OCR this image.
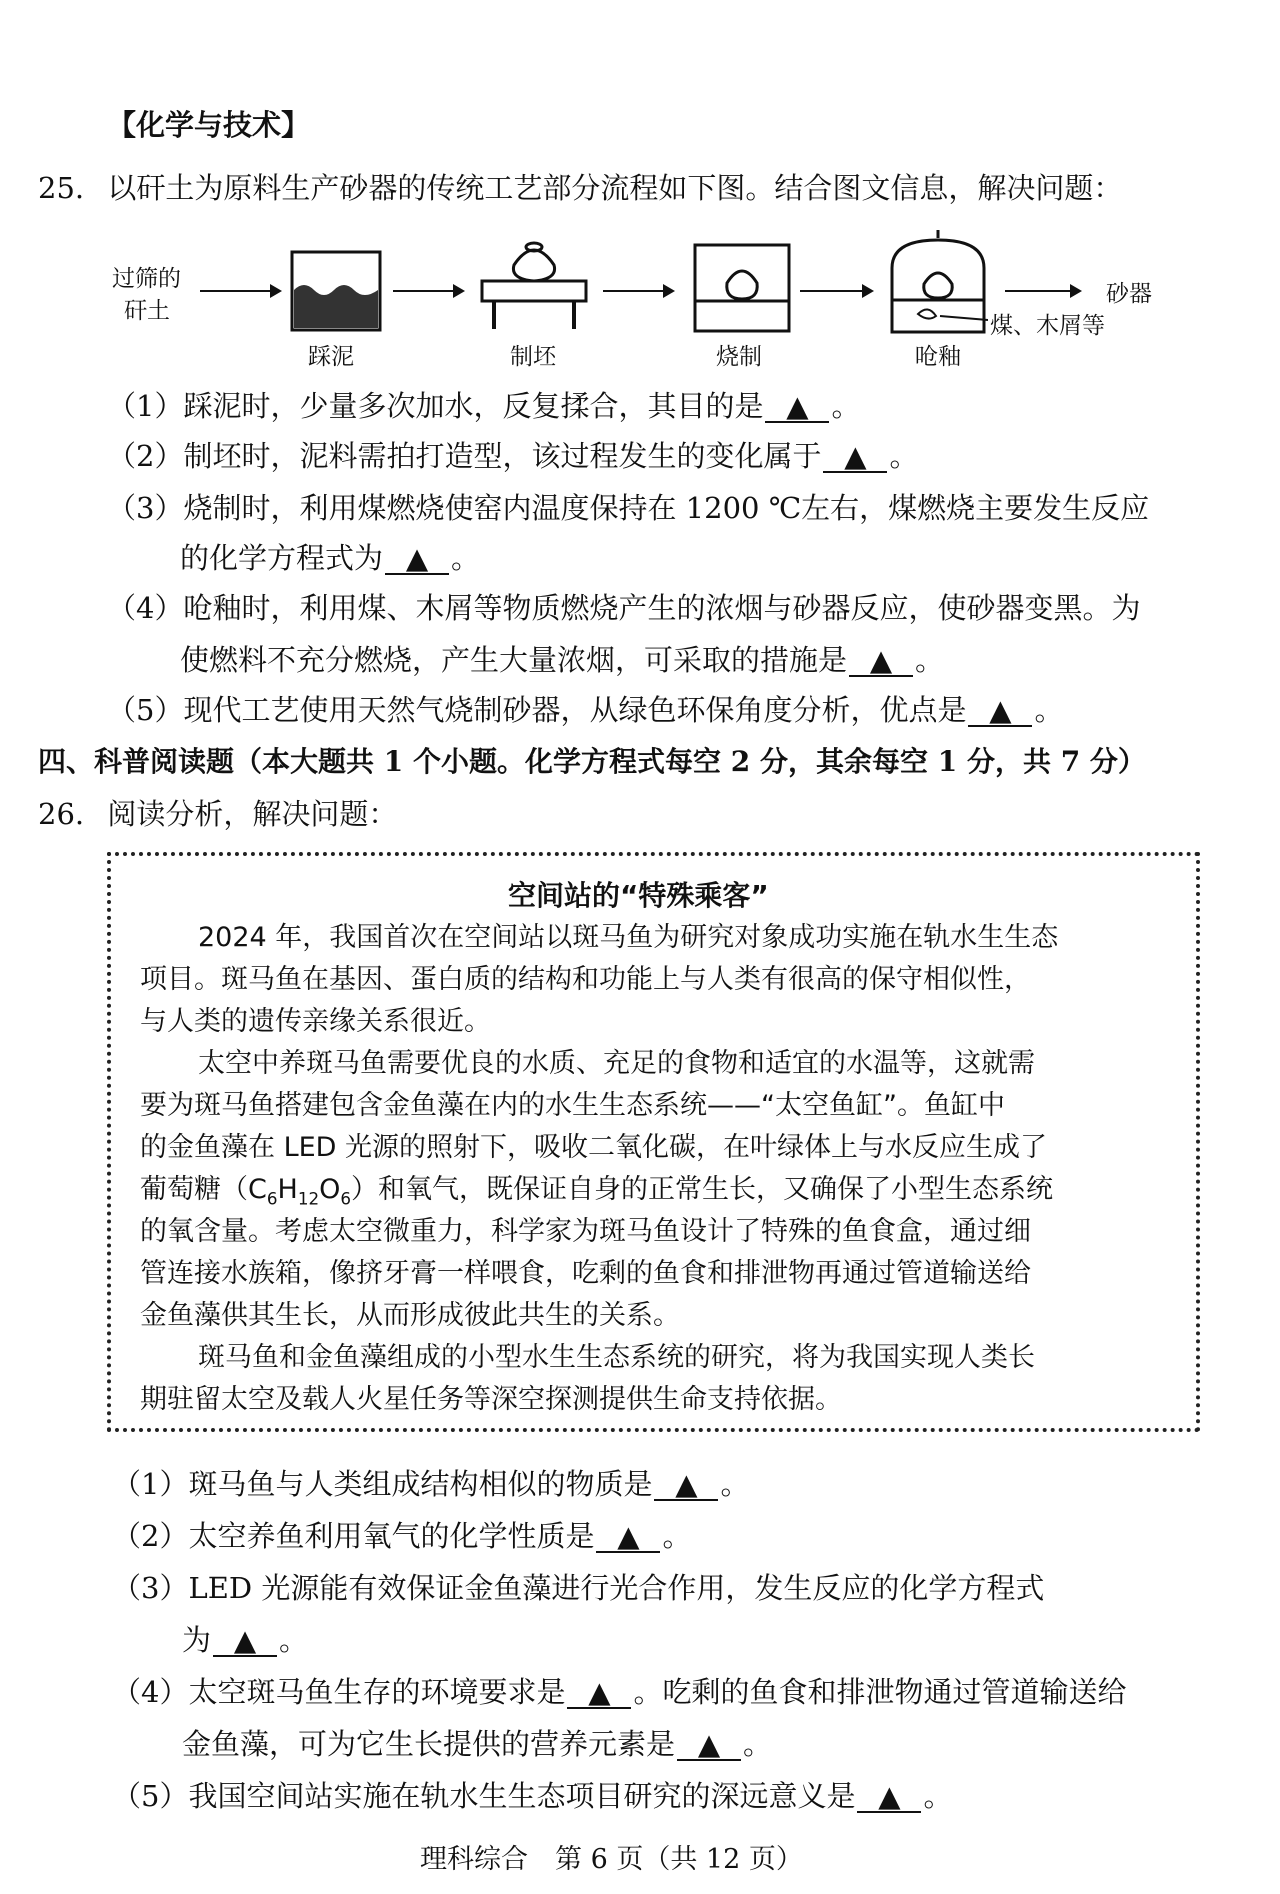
【化学与技术】
25. 以矸土为原料生产砂器的传统工艺部分流程如下图。结合图文信息，解决问题：
过筛的
矸土
踩泥	制坯	烧制	呛釉
煤、木屑等
砂器
（1）踩泥时，少量多次加水，反复揉合，其目的是 ▲ 。
（2）制坯时，泥料需拍打造型，该过程发生的变化属于 ▲ 。
（3）烧制时，利用煤燃烧使窑内温度保持在 1200 ℃左右，煤燃烧主要发生反应
的化学方程式为 ▲ 。
（4）呛釉时，利用煤、木屑等物质燃烧产生的浓烟与砂器反应，使砂器变黑。为
使燃料不充分燃烧，产生大量浓烟，可采取的措施是 ▲ 。
（5）现代工艺使用天然气烧制砂器，从绿色环保角度分析，优点是 ▲ 。
四、科普阅读题（本大题共 1 个小题。化学方程式每空 2 分，其余每空 1 分，共 7 分）
26. 阅读分析，解决问题：
空间站的“特殊乘客”
2024 年，我国首次在空间站以斑马鱼为研究对象成功实施在轨水生生态
项目。斑马鱼在基因、蛋白质的结构和功能上与人类有很高的保守相似性，
与人类的遗传亲缘关系很近。
太空中养斑马鱼需要优良的水质、充足的食物和适宜的水温等，这就需
要为斑马鱼搭建包含金鱼藻在内的水生生态系统——“太空鱼缸”。鱼缸中
的金鱼藻在 LED 光源的照射下，吸收二氧化碳，在叶绿体上与水反应生成了
葡萄糖$(C_6H_{12}O_6)$和氧气，既保证自身的正常生长，又确保了小型生态系统
的氧含量。考虑太空微重力，科学家为斑马鱼设计了特殊的鱼食盒，通过细
管连接水族箱，像挤牙膏一样喂食，吃剩的鱼食和排泄物再通过管道输送给
金鱼藻供其生长，从而形成彼此共生的关系。
斑马鱼和金鱼藻组成的小型水生生态系统的研究，将为我国实现人类长
期驻留太空及载人火星任务等深空探测提供生命支持依据。
（1）斑马鱼与人类组成结构相似的物质是 ▲ 。
（2）太空养鱼利用氧气的化学性质是 ▲ 。
（3）LED 光源能有效保证金鱼藻进行光合作用，发生反应的化学方程式
为 ▲ 。
（4）太空斑马鱼生存的环境要求是 ▲ 。吃剩的鱼食和排泄物通过管道输送给
金鱼藻，可为它生长提供的营养元素是 ▲ 。
（5）我国空间站实施在轨水生生态项目研究的深远意义是 ▲ 。
理科综合　第 6 页（共 12 页）
